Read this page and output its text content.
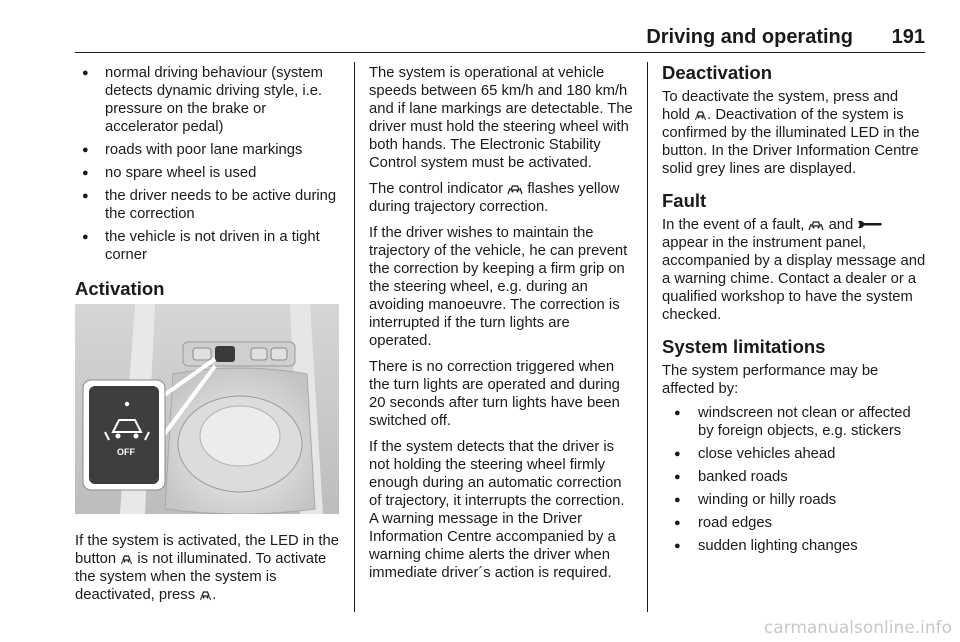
Driving and operating 191
● normal driving behaviour (system detects dynamic driving style, i.e. pressure on the brake or accelerator pedal)
● roads with poor lane markings
● no spare wheel is used
● the driver needs to be active during the correction
● the vehicle is not driven in a tight corner
Activation
OFF

If the system is activated, the LED in the button is not illuminated. To activate the system when the system is deactivated, press .

The system is operational at vehicle speeds between 65 km/h and 180 km/h and if lane markings are detectable. The driver must hold the steering wheel with both hands. The Electronic Stability Control system must be activated.

The control indicator flashes yellow during trajectory correction.

If the driver wishes to maintain the trajectory of the vehicle, he can prevent the correction by keeping a firm grip on the steering wheel, e.g. during an avoiding manoeuvre. The correction is interrupted if the turn lights are operated.

There is no correction triggered when the turn lights are operated and during 20 seconds after turn lights have been switched off.

If the system detects that the driver is not holding the steering wheel firmly enough during an automatic correction of trajectory, it interrupts the correction. A warning message in the Driver Information Centre accompanied by a warning chime alerts the driver when immediate driver´s action is required.

Deactivation

To deactivate the system, press and hold . Deactivation of the system is confirmed by the illuminated LED in the button. In the Driver Information Centre solid grey lines are displayed.

Fault

In the event of a fault, and
appear in the instrument panel, accompanied by a display message and a warning chime. Contact a dealer or a qualified workshop to have the system checked.

System limitations

The system performance may be affected by:

● windscreen not clean or affected by foreign objects, e.g. stickers
● close vehicles ahead
● banked roads
● winding or hilly roads
● road edges
● sudden lighting changes
carmanualsonline.info
